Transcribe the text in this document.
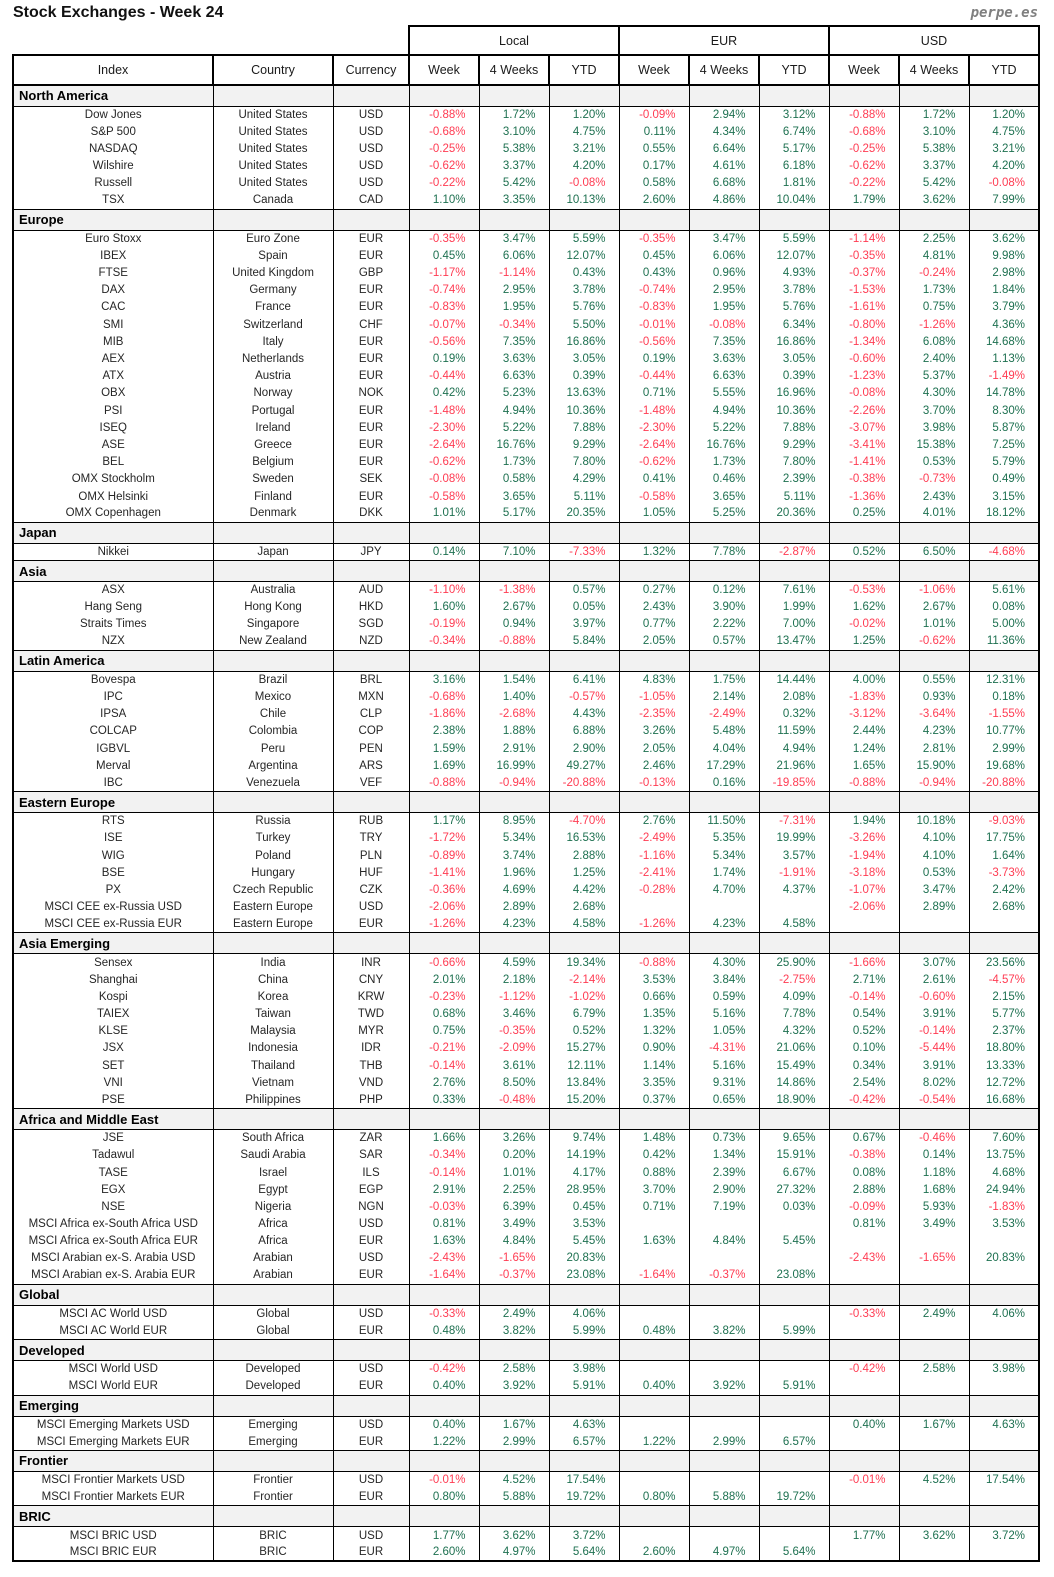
Stock Exchanges - Week 24	perpe.es
			Local			EUR			USD		
Index	Country	Currency	Week	4 Weeks	YTD	Week	4 Weeks	YTD	Week	4 Weeks	YTD
North America											
Dow Jones	United States	USD	-0.88%	1.72%	1.20%	-0.09%	2.94%	3.12%	-0.88%	1.72%	1.20%
S&P 500	United States	USD	-0.68%	3.10%	4.75%	0.11%	4.34%	6.74%	-0.68%	3.10%	4.75%
NASDAQ	United States	USD	-0.25%	5.38%	3.21%	0.55%	6.64%	5.17%	-0.25%	5.38%	3.21%
Wilshire	United States	USD	-0.62%	3.37%	4.20%	0.17%	4.61%	6.18%	-0.62%	3.37%	4.20%
Russell	United States	USD	-0.22%	5.42%	-0.08%	0.58%	6.68%	1.81%	-0.22%	5.42%	-0.08%
TSX	Canada	CAD	1.10%	3.35%	10.13%	2.60%	4.86%	10.04%	1.79%	3.62%	7.99%
Europe											
Euro Stoxx	Euro Zone	EUR	-0.35%	3.47%	5.59%	-0.35%	3.47%	5.59%	-1.14%	2.25%	3.62%
IBEX	Spain	EUR	0.45%	6.06%	12.07%	0.45%	6.06%	12.07%	-0.35%	4.81%	9.98%
FTSE	United Kingdom	GBP	-1.17%	-1.14%	0.43%	0.43%	0.96%	4.93%	-0.37%	-0.24%	2.98%
DAX	Germany	EUR	-0.74%	2.95%	3.78%	-0.74%	2.95%	3.78%	-1.53%	1.73%	1.84%
CAC	France	EUR	-0.83%	1.95%	5.76%	-0.83%	1.95%	5.76%	-1.61%	0.75%	3.79%
SMI	Switzerland	CHF	-0.07%	-0.34%	5.50%	-0.01%	-0.08%	6.34%	-0.80%	-1.26%	4.36%
MIB	Italy	EUR	-0.56%	7.35%	16.86%	-0.56%	7.35%	16.86%	-1.34%	6.08%	14.68%
AEX	Netherlands	EUR	0.19%	3.63%	3.05%	0.19%	3.63%	3.05%	-0.60%	2.40%	1.13%
ATX	Austria	EUR	-0.44%	6.63%	0.39%	-0.44%	6.63%	0.39%	-1.23%	5.37%	-1.49%
OBX	Norway	NOK	0.42%	5.23%	13.63%	0.71%	5.55%	16.96%	-0.08%	4.30%	14.78%
PSI	Portugal	EUR	-1.48%	4.94%	10.36%	-1.48%	4.94%	10.36%	-2.26%	3.70%	8.30%
ISEQ	Ireland	EUR	-2.30%	5.22%	7.88%	-2.30%	5.22%	7.88%	-3.07%	3.98%	5.87%
ASE	Greece	EUR	-2.64%	16.76%	9.29%	-2.64%	16.76%	9.29%	-3.41%	15.38%	7.25%
BEL	Belgium	EUR	-0.62%	1.73%	7.80%	-0.62%	1.73%	7.80%	-1.41%	0.53%	5.79%
OMX Stockholm	Sweden	SEK	-0.08%	0.58%	4.29%	0.41%	0.46%	2.39%	-0.38%	-0.73%	0.49%
OMX Helsinki	Finland	EUR	-0.58%	3.65%	5.11%	-0.58%	3.65%	5.11%	-1.36%	2.43%	3.15%
OMX Copenhagen	Denmark	DKK	1.01%	5.17%	20.35%	1.05%	5.25%	20.36%	0.25%	4.01%	18.12%
Japan											
Nikkei	Japan	JPY	0.14%	7.10%	-7.33%	1.32%	7.78%	-2.87%	0.52%	6.50%	-4.68%
Asia											
ASX	Australia	AUD	-1.10%	-1.38%	0.57%	0.27%	0.12%	7.61%	-0.53%	-1.06%	5.61%
Hang Seng	Hong Kong	HKD	1.60%	2.67%	0.05%	2.43%	3.90%	1.99%	1.62%	2.67%	0.08%
Straits Times	Singapore	SGD	-0.19%	0.94%	3.97%	0.77%	2.22%	7.00%	-0.02%	1.01%	5.00%
NZX	New Zealand	NZD	-0.34%	-0.88%	5.84%	2.05%	0.57%	13.47%	1.25%	-0.62%	11.36%
Latin America											
Bovespa	Brazil	BRL	3.16%	1.54%	6.41%	4.83%	1.75%	14.44%	4.00%	0.55%	12.31%
IPC	Mexico	MXN	-0.68%	1.40%	-0.57%	-1.05%	2.14%	2.08%	-1.83%	0.93%	0.18%
IPSA	Chile	CLP	-1.86%	-2.68%	4.43%	-2.35%	-2.49%	0.32%	-3.12%	-3.64%	-1.55%
COLCAP	Colombia	COP	2.38%	1.88%	6.88%	3.26%	5.48%	11.59%	2.44%	4.23%	10.77%
IGBVL	Peru	PEN	1.59%	2.91%	2.90%	2.05%	4.04%	4.94%	1.24%	2.81%	2.99%
Merval	Argentina	ARS	1.69%	16.99%	49.27%	2.46%	17.29%	21.96%	1.65%	15.90%	19.68%
IBC	Venezuela	VEF	-0.88%	-0.94%	-20.88%	-0.13%	0.16%	-19.85%	-0.88%	-0.94%	-20.88%
Eastern Europe											
RTS	Russia	RUB	1.17%	8.95%	-4.70%	2.76%	11.50%	-7.31%	1.94%	10.18%	-9.03%
ISE	Turkey	TRY	-1.72%	5.34%	16.53%	-2.49%	5.35%	19.99%	-3.26%	4.10%	17.75%
WIG	Poland	PLN	-0.89%	3.74%	2.88%	-1.16%	5.34%	3.57%	-1.94%	4.10%	1.64%
BSE	Hungary	HUF	-1.41%	1.96%	1.25%	-2.41%	1.74%	-1.91%	-3.18%	0.53%	-3.73%
PX	Czech Republic	CZK	-0.36%	4.69%	4.42%	-0.28%	4.70%	4.37%	-1.07%	3.47%	2.42%
MSCI CEE ex-Russia USD	Eastern Europe	USD	-2.06%	2.89%	2.68%				-2.06%	2.89%	2.68%
MSCI CEE ex-Russia EUR	Eastern Europe	EUR	-1.26%	4.23%	4.58%	-1.26%	4.23%	4.58%			
Asia Emerging											
Sensex	India	INR	-0.66%	4.59%	19.34%	-0.88%	4.30%	25.90%	-1.66%	3.07%	23.56%
Shanghai	China	CNY	2.01%	2.18%	-2.14%	3.53%	3.84%	-2.75%	2.71%	2.61%	-4.57%
Kospi	Korea	KRW	-0.23%	-1.12%	-1.02%	0.66%	0.59%	4.09%	-0.14%	-0.60%	2.15%
TAIEX	Taiwan	TWD	0.68%	3.46%	6.79%	1.35%	5.16%	7.78%	0.54%	3.91%	5.77%
KLSE	Malaysia	MYR	0.75%	-0.35%	0.52%	1.32%	1.05%	4.32%	0.52%	-0.14%	2.37%
JSX	Indonesia	IDR	-0.21%	-2.09%	15.27%	0.90%	-4.31%	21.06%	0.10%	-5.44%	18.80%
SET	Thailand	THB	-0.14%	3.61%	12.11%	1.14%	5.16%	15.49%	0.34%	3.91%	13.33%
VNI	Vietnam	VND	2.76%	8.50%	13.84%	3.35%	9.31%	14.86%	2.54%	8.02%	12.72%
PSE	Philippines	PHP	0.33%	-0.48%	15.20%	0.37%	0.65%	18.90%	-0.42%	-0.54%	16.68%
Africa and Middle East											
JSE	South Africa	ZAR	1.66%	3.26%	9.74%	1.48%	0.73%	9.65%	0.67%	-0.46%	7.60%
Tadawul	Saudi Arabia	SAR	-0.34%	0.20%	14.19%	0.42%	1.34%	15.91%	-0.38%	0.14%	13.75%
TASE	Israel	ILS	-0.14%	1.01%	4.17%	0.88%	2.39%	6.67%	0.08%	1.18%	4.68%
EGX	Egypt	EGP	2.91%	2.25%	28.95%	3.70%	2.90%	27.32%	2.88%	1.68%	24.94%
NSE	Nigeria	NGN	-0.03%	6.39%	0.45%	0.71%	7.19%	0.03%	-0.09%	5.93%	-1.83%
MSCI Africa ex-South Africa USD	Africa	USD	0.81%	3.49%	3.53%				0.81%	3.49%	3.53%
MSCI Africa ex-South Africa EUR	Africa	EUR	1.63%	4.84%	5.45%	1.63%	4.84%	5.45%			
MSCI Arabian ex-S. Arabia USD	Arabian	USD	-2.43%	-1.65%	20.83%				-2.43%	-1.65%	20.83%
MSCI Arabian ex-S. Arabia EUR	Arabian	EUR	-1.64%	-0.37%	23.08%	-1.64%	-0.37%	23.08%			
Global											
MSCI AC World USD	Global	USD	-0.33%	2.49%	4.06%				-0.33%	2.49%	4.06%
MSCI AC World EUR	Global	EUR	0.48%	3.82%	5.99%	0.48%	3.82%	5.99%			
Developed											
MSCI World USD	Developed	USD	-0.42%	2.58%	3.98%				-0.42%	2.58%	3.98%
MSCI World EUR	Developed	EUR	0.40%	3.92%	5.91%	0.40%	3.92%	5.91%			
Emerging											
MSCI Emerging Markets USD	Emerging	USD	0.40%	1.67%	4.63%				0.40%	1.67%	4.63%
MSCI Emerging Markets EUR	Emerging	EUR	1.22%	2.99%	6.57%	1.22%	2.99%	6.57%			
Frontier											
MSCI Frontier Markets USD	Frontier	USD	-0.01%	4.52%	17.54%				-0.01%	4.52%	17.54%
MSCI Frontier Markets EUR	Frontier	EUR	0.80%	5.88%	19.72%	0.80%	5.88%	19.72%			
BRIC											
MSCI BRIC USD	BRIC	USD	1.77%	3.62%	3.72%				1.77%	3.62%	3.72%
MSCI BRIC EUR	BRIC	EUR	2.60%	4.97%	5.64%	2.60%	4.97%	5.64%			
